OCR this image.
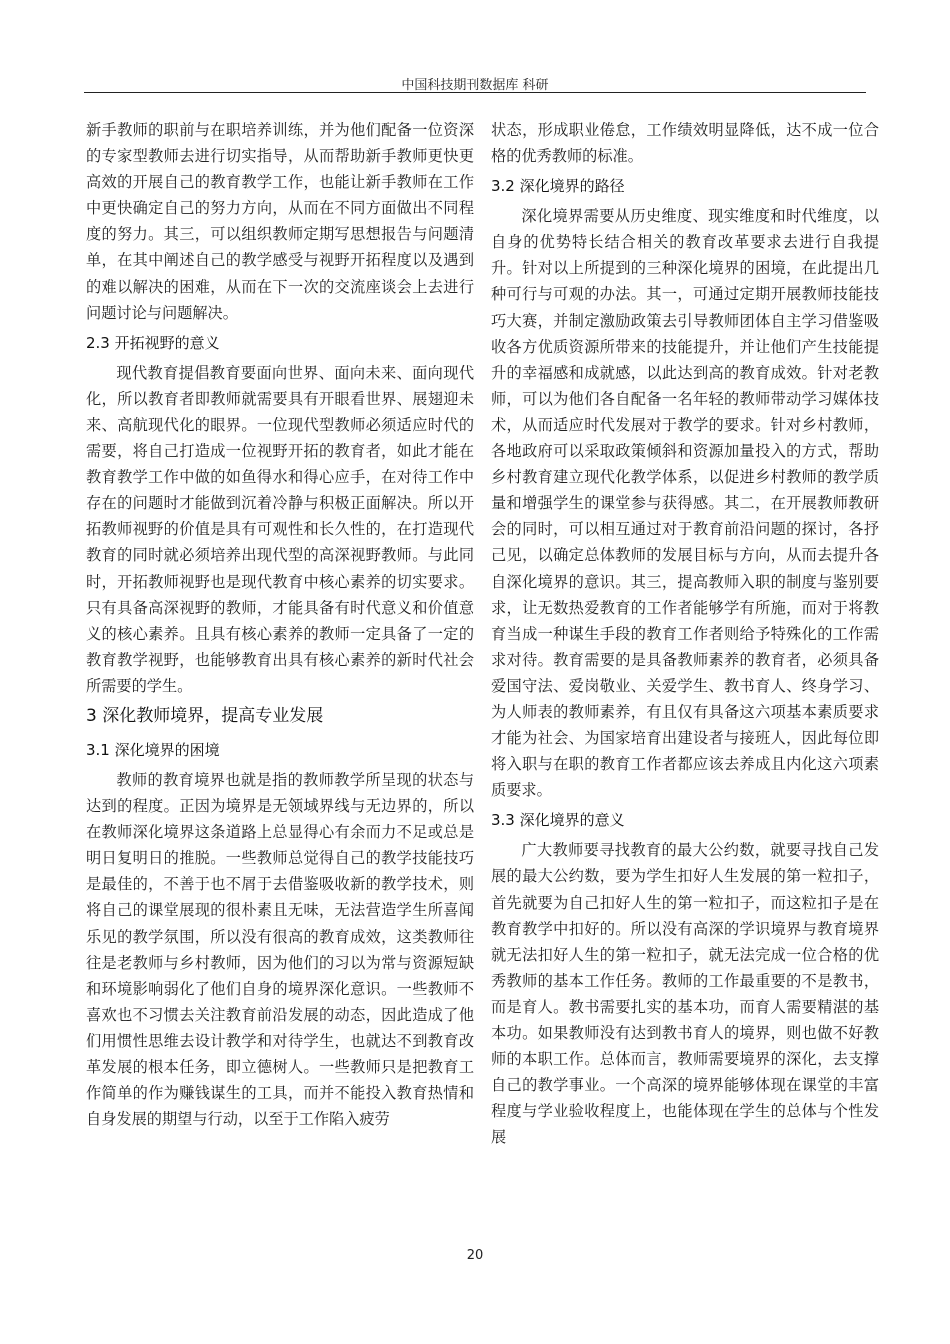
中国科技期刊数据库 科研

新手教师的职前与在职培养训练，并为他们配备一位资深的专家型教师去进行切实指导，从而帮助新手教师更快更高效的开展自己的教育教学工作，也能让新手教师在工作中更快确定自己的努力方向，从而在不同方面做出不同程度的努力。其三，可以组织教师定期写思想报告与问题清单，在其中阐述自己的教学感受与视野开拓程度以及遇到的难以解决的困难，从而在下一次的交流座谈会上去进行问题讨论与问题解决。

2.3 开拓视野的意义

现代教育提倡教育要面向世界、面向未来、面向现代化，所以教育者即教师就需要具有开眼看世界、展翅迎未来、高航现代化的眼界。一位现代型教师必须适应时代的需要，将自己打造成一位视野开拓的教育者，如此才能在教育教学工作中做的如鱼得水和得心应手，在对待工作中存在的问题时才能做到沉着冷静与积极正面解决。所以开拓教师视野的价值是具有可观性和长久性的，在打造现代教育的同时就必须培养出现代型的高深视野教师。与此同时，开拓教师视野也是现代教育中核心素养的切实要求。只有具备高深视野的教师，才能具备有时代意义和价值意义的核心素养。且具有核心素养的教师一定具备了一定的教育教学视野，也能够教育出具有核心素养的新时代社会所需要的学生。

3 深化教师境界，提高专业发展
3.1 深化境界的困境

教师的教育境界也就是指的教师教学所呈现的状态与达到的程度。正因为境界是无领域界线与无边界的，所以在教师深化境界这条道路上总显得心有余而力不足或总是明日复明日的推脱。一些教师总觉得自己的教学技能技巧是最佳的，不善于也不屑于去借鉴吸收新的教学技术，则将自己的课堂展现的很朴素且无味，无法营造学生所喜闻乐见的教学氛围，所以没有很高的教育成效，这类教师往往是老教师与乡村教师，因为他们的习以为常与资源短缺和环境影响弱化了他们自身的境界深化意识。一些教师不喜欢也不习惯去关注教育前沿发展的动态，因此造成了他们用惯性思维去设计教学和对待学生，也就达不到教育改革发展的根本任务，即立德树人。一些教师只是把教育工作简单的作为赚钱谋生的工具，而并不能投入教育热情和自身发展的期望与行动，以至于工作陷入疲劳

状态，形成职业倦怠，工作绩效明显降低，达不成一位合格的优秀教师的标准。

3.2 深化境界的路径

深化境界需要从历史维度、现实维度和时代维度，以自身的优势特长结合相关的教育改革要求去进行自我提升。针对以上所提到的三种深化境界的困境，在此提出几种可行与可观的办法。其一，可通过定期开展教师技能技巧大赛，并制定激励政策去引导教师团体自主学习借鉴吸收各方优质资源所带来的技能提升，并让他们产生技能提升的幸福感和成就感，以此达到高的教育成效。针对老教师，可以为他们各自配备一名年轻的教师带动学习媒体技术，从而适应时代发展对于教学的要求。针对乡村教师，各地政府可以采取政策倾斜和资源加量投入的方式，帮助乡村教育建立现代化教学体系，以促进乡村教师的教学质量和增强学生的课堂参与获得感。其二，在开展教师教研会的同时，可以相互通过对于教育前沿问题的探讨，各抒己见，以确定总体教师的发展目标与方向，从而去提升各自深化境界的意识。其三，提高教师入职的制度与鉴别要求，让无数热爱教育的工作者能够学有所施，而对于将教育当成一种谋生手段的教育工作者则给予特殊化的工作需求对待。教育需要的是具备教师素养的教育者，必须具备爱国守法、爱岗敬业、关爱学生、教书育人、终身学习、为人师表的教师素养，有且仅有具备这六项基本素质要求才能为社会、为国家培育出建设者与接班人，因此每位即将入职与在职的教育工作者都应该去养成且内化这六项素质要求。

3.3 深化境界的意义

广大教师要寻找教育的最大公约数，就要寻找自己发展的最大公约数，要为学生扣好人生发展的第一粒扣子，首先就要为自己扣好人生的第一粒扣子，而这粒扣子是在教育教学中扣好的。所以没有高深的学识境界与教育境界就无法扣好人生的第一粒扣子，就无法完成一位合格的优秀教师的基本工作任务。教师的工作最重要的不是教书，而是育人。教书需要扎实的基本功，而育人需要精湛的基本功。如果教师没有达到教书育人的境界，则也做不好教师的本职工作。总体而言，教师需要境界的深化，去支撑自己的教学事业。一个高深的境界能够体现在课堂的丰富程度与学业验收程度上，也能体现在学生的总体与个性发展

20
